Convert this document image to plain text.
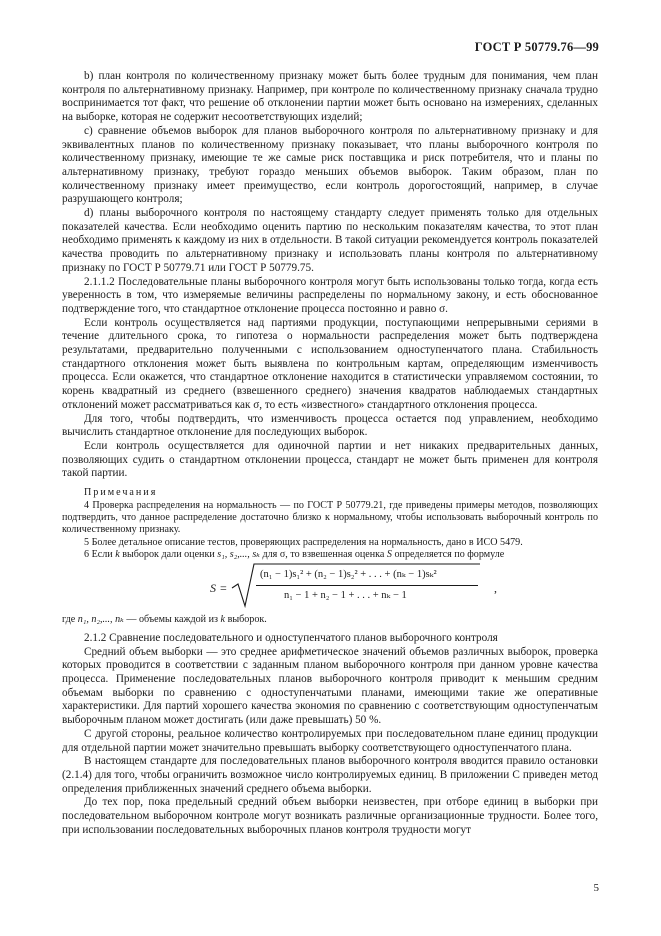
ГОСТ Р 50779.76—99

b) план контроля по количественному признаку может быть более трудным для понимания, чем план контроля по альтернативному признаку. Например, при контроле по количественному признаку сначала трудно воспринимается тот факт, что решение об отклонении партии может быть основано на измерениях, сделанных на выборке, которая не содержит несоответствующих изделий;

c) сравнение объемов выборок для планов выборочного контроля по альтернативному признаку и для эквивалентных планов по количественному признаку показывает, что планы выборочного контроля по количественному признаку, имеющие те же самые риск поставщика и риск потребителя, что и планы по альтернативному признаку, требуют гораздо меньших объемов выборок. Таким образом, план по количественному признаку имеет преимущество, если контроль дорогостоящий, например, в случае разрушающего контроля;

d) планы выборочного контроля по настоящему стандарту следует применять только для отдельных показателей качества. Если необходимо оценить партию по нескольким показателям качества, то этот план необходимо применять к каждому из них в отдельности. В такой ситуации рекомендуется контроль показателей качества проводить по альтернативному признаку и использовать планы контроля по альтернативному признаку по ГОСТ Р 50779.71 или ГОСТ Р 50779.75.

2.1.1.2 Последовательные планы выборочного контроля могут быть использованы только тогда, когда есть уверенность в том, что измеряемые величины распределены по нормальному закону, и есть обоснованное подтверждение того, что стандартное отклонение процесса постоянно и равно σ.

Если контроль осуществляется над партиями продукции, поступающими непрерывными сериями в течение длительного срока, то гипотеза о нормальности распределения может быть подтверждена результатами, предварительно полученными с использованием одноступенчатого плана. Стабильность стандартного отклонения может быть выявлена по контрольным картам, определяющим изменчивость процесса. Если окажется, что стандартное отклонение находится в статистически управляемом состоянии, то корень квадратный из среднего (взвешенного среднего) значения квадратов наблюдаемых стандартных отклонений может рассматриваться как σ, то есть «известного» стандартного отклонения процесса.

Для того, чтобы подтвердить, что изменчивость процесса остается под управлением, необходимо вычислить стандартное отклонение для последующих выборок.

Если контроль осуществляется для одиночной партии и нет никаких предварительных данных, позволяющих судить о стандартном отклонении процесса, стандарт не может быть применен для контроля такой партии.

Примечания

4 Проверка распределения на нормальность — по ГОСТ Р 50779.21, где приведены примеры методов, позволяющих подтвердить, что данное распределение достаточно близко к нормальному, чтобы использовать выборочный контроль по количественному признаку.

5 Более детальное описание тестов, проверяющих распределения на нормальность, дано в ИСО 5479.

6 Если k выборок дали оценки s₁, s₂,..., sₖ для σ, то взвешенная оценка S определяется по формуле

S =
(n₁ − 1)s₁² + (n₂ − 1)s₂² + . . . + (nₖ − 1)sₖ²
n₁ − 1 + n₂ − 1 + . . . + nₖ − 1
,

где n₁, n₂,..., nₖ — объемы каждой из k выборок.

2.1.2 Сравнение последовательного и одноступенчатого планов выборочного контроля

Средний объем выборки — это среднее арифметическое значений объемов различных выборок, проверка которых проводится в соответствии с заданным планом выборочного контроля при данном уровне качества процесса. Применение последовательных планов выборочного контроля приводит к меньшим средним объемам выборки по сравнению с одноступенчатыми планами, имеющими такие же оперативные характеристики. Для партий хорошего качества экономия по сравнению с соответствующим одноступенчатым выборочным планом может достигать (или даже превышать) 50 %.

С другой стороны, реальное количество контролируемых при последовательном плане единиц продукции для отдельной партии может значительно превышать выборку соответствующего одноступенчатого плана.

В настоящем стандарте для последовательных планов выборочного контроля вводится правило остановки (2.1.4) для того, чтобы ограничить возможное число контролируемых единиц. В приложении С приведен метод определения приближенных значений среднего объема выборки.

До тех пор, пока предельный средний объем выборки неизвестен, при отборе единиц в выборки при последовательном выборочном контроле могут возникать различные организационные трудности. Более того, при использовании последовательных выборочных планов контроля трудности могут

5
